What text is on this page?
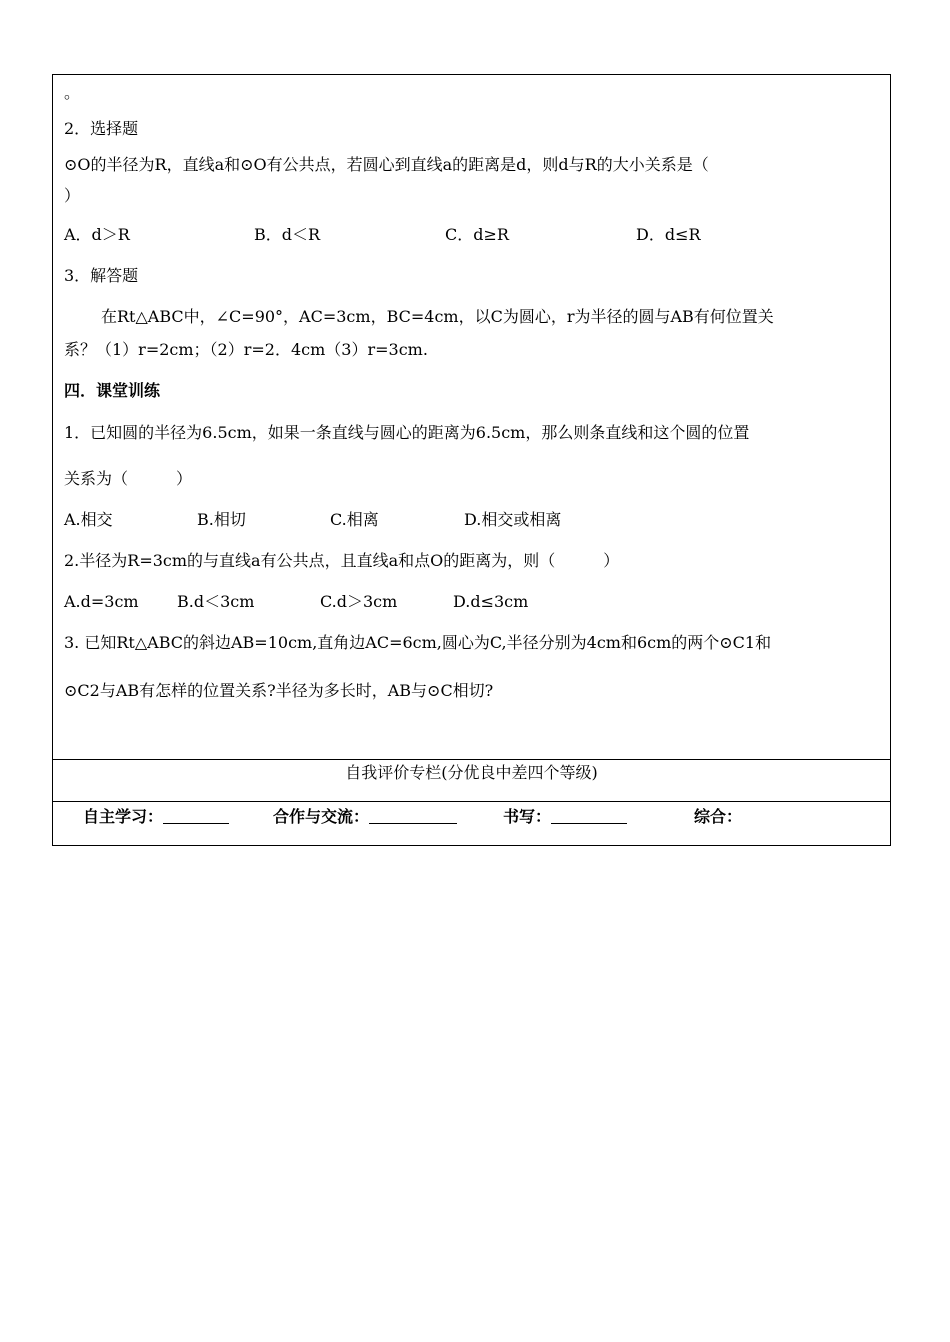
。
2．选择题
⊙O的半径为R，直线a和⊙O有公共点，若圆心到直线a的距离是d，则d与R的大小关系是（
）
A．d＞R	B．d＜R	C．d≥R	D．d≤R
3．解答题
在Rt△ABC中，∠C=90°，AC=3cm，BC=4cm，以C为圆心，r为半径的圆与AB有何位置关
系？（1）r=2cm；（2）r=2．4cm（3）r=3cm.
四．课堂训练
1．已知圆的半径为6.5cm，如果一条直线与圆心的距离为6.5cm，那么则条直线和这个圆的位置
关系为（　　　）
A.相交	B.相切	C.相离	D.相交或相离
2.半径为R=3cm的与直线a有公共点，且直线a和点O的距离为，则（　　　）
A.d=3cm B.d＜3cm	C.d＞3cm	D.d≤3cm
3. 已知Rt△ABC的斜边AB=10cm,直角边AC=6cm,圆心为C,半径分别为4cm和6cm的两个⊙C1和
⊙C2与AB有怎样的位置关系?半径为多长时，AB与⊙C相切?
自我评价专栏(分优良中差四个等级)
自主学习：	合作与交流：	书写：	综合：
